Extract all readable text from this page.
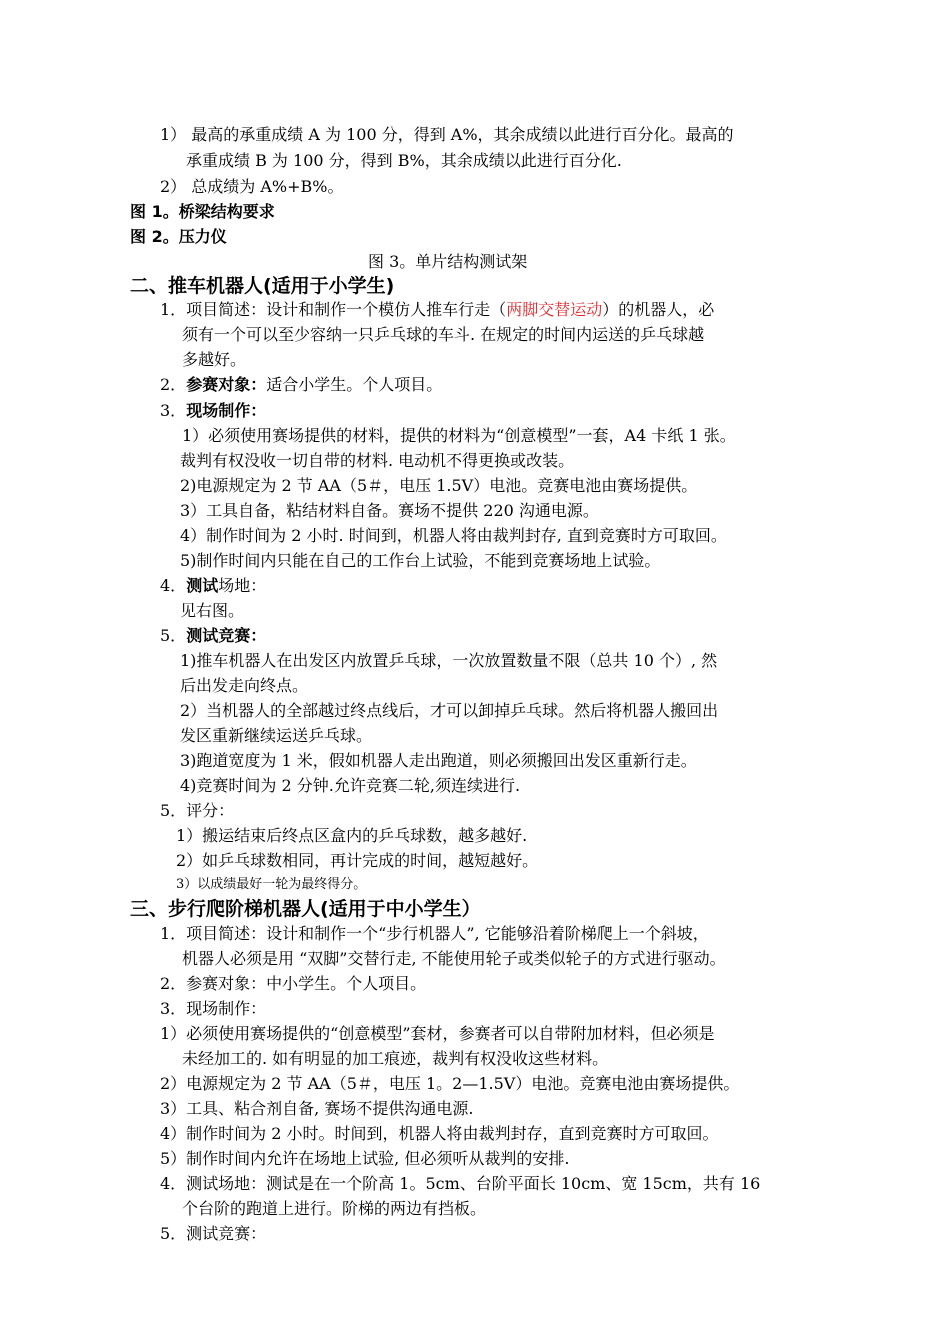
1） 最高的承重成绩 A 为 100 分，得到 A%，其余成绩以此进行百分化。最高的
承重成绩 B 为 100 分，得到 B%，其余成绩以此进行百分化.
2） 总成绩为 A%+B%。
图 1。桥梁结构要求
图 2。压力仪
图 3。单片结构测试架
二、推车机器人(适用于小学生)
1．项目简述：设计和制作一个模仿人推车行走（两脚交替运动）的机器人，必
须有一个可以至少容纳一只乒乓球的车斗. 在规定的时间内运送的乒乓球越
多越好。
2．参赛对象：适合小学生。个人项目。
3．现场制作：
1）必须使用赛场提供的材料，提供的材料为“创意模型”一套，A4 卡纸 1 张。
裁判有权没收一切自带的材料. 电动机不得更换或改装。
2)电源规定为 2 节 AA（5＃，电压 1.5V）电池。竞赛电池由赛场提供。
3）工具自备，粘结材料自备。赛场不提供 220 沟通电源。
4）制作时间为 2 小时. 时间到，机器人将由裁判封存, 直到竞赛时方可取回。
5)制作时间内只能在自己的工作台上试验，不能到竞赛场地上试验。
4．测试场地：
见右图。
5．测试竞赛：
1)推车机器人在出发区内放置乒乓球，一次放置数量不限（总共 10 个）, 然
后出发走向终点。
2）当机器人的全部越过终点线后，才可以卸掉乒乓球。然后将机器人搬回出
发区重新继续运送乒乓球。
3)跑道宽度为 1 米，假如机器人走出跑道，则必须搬回出发区重新行走。
4)竞赛时间为 2 分钟.允许竞赛二轮,须连续进行.
5．评分：
1）搬运结束后终点区盒内的乒乓球数，越多越好.
2）如乒乓球数相同，再计完成的时间，越短越好。
3）以成绩最好一轮为最终得分。
三、步行爬阶梯机器人(适用于中小学生）
1．项目简述：设计和制作一个“步行机器人”, 它能够沿着阶梯爬上一个斜坡，
机器人必须是用 “双脚”交替行走, 不能使用轮子或类似轮子的方式进行驱动。
2．参赛对象：中小学生。个人项目。
3．现场制作：
1）必须使用赛场提供的“创意模型”套材，参赛者可以自带附加材料，但必须是
未经加工的. 如有明显的加工痕迹，裁判有权没收这些材料。
2）电源规定为 2 节 AA（5＃，电压 1。2—1.5V）电池。竞赛电池由赛场提供。
3）工具、粘合剂自备, 赛场不提供沟通电源.
4）制作时间为 2 小时。时间到，机器人将由裁判封存，直到竞赛时方可取回。
5）制作时间内允许在场地上试验, 但必须听从裁判的安排.
4．测试场地：测试是在一个阶高 1。5cm、台阶平面长 10cm、宽 15cm，共有 16
个台阶的跑道上进行。阶梯的两边有挡板。
5．测试竞赛：
